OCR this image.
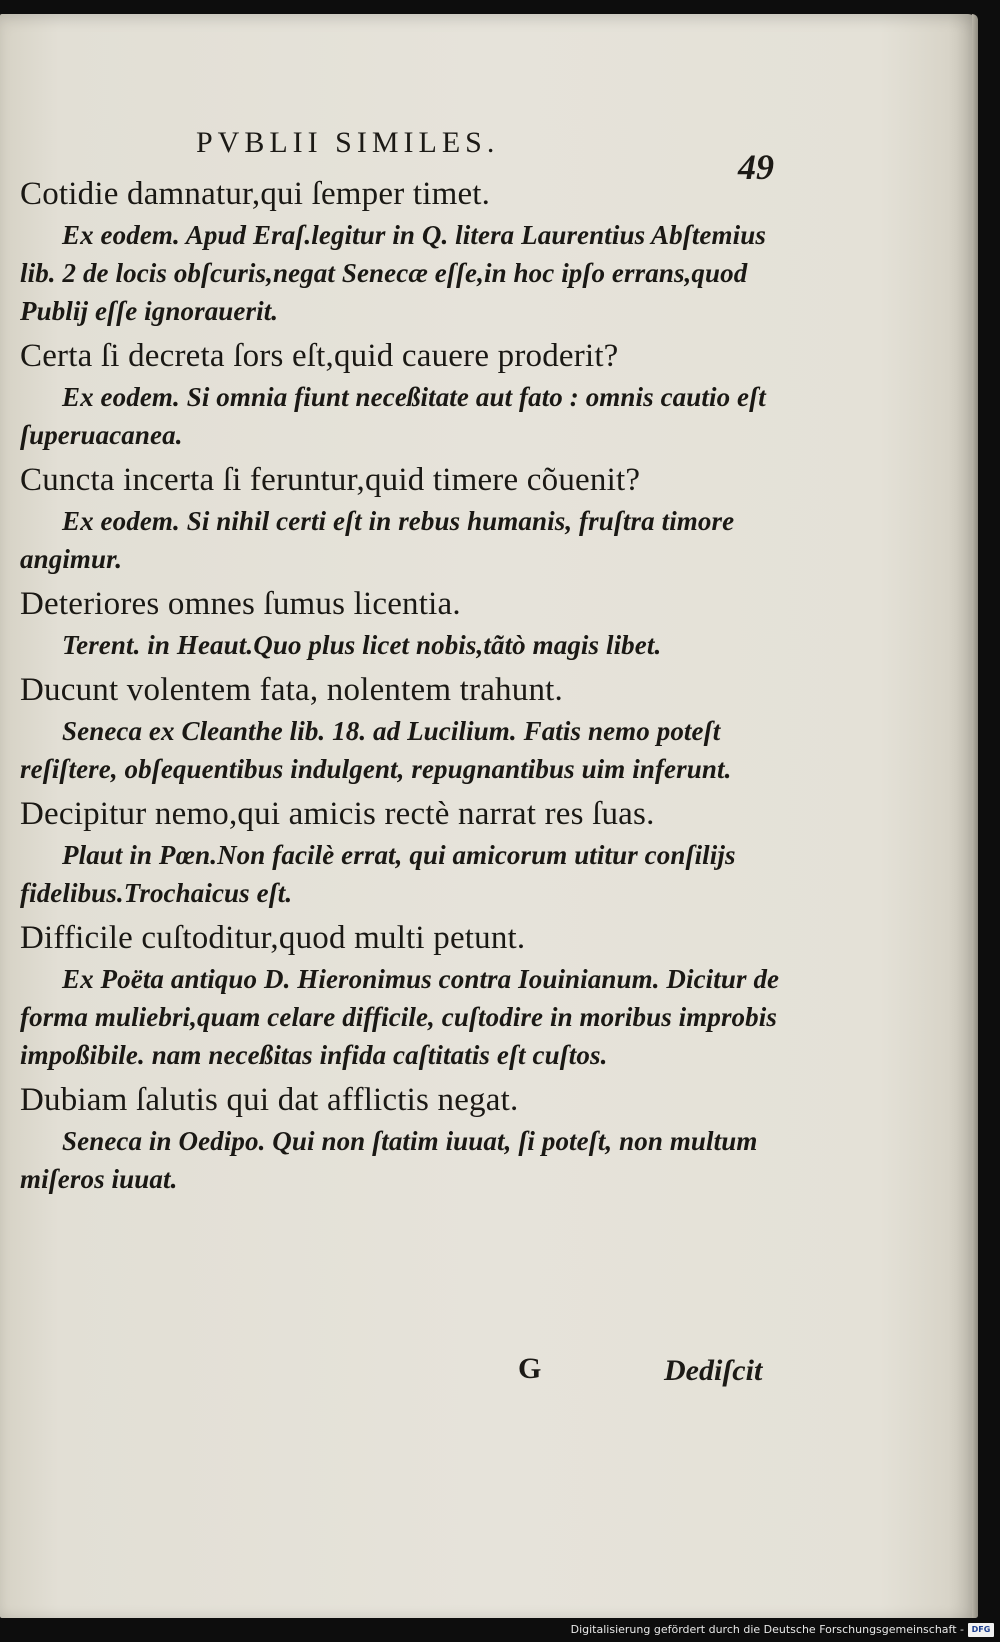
PVBLII SIMILES.
49

Cotidie damnatur,qui ſemper timet.

Ex eodem. Apud Eraſ.legitur in Q. litera Laurentius Abſtemius lib. 2 de locis obſcuris,negat Senecæ eſſe,in hoc ipſo errans,quod Publij eſſe ignorauerit.

Certa ſi decreta ſors eſt,quid cauere proderit?

Ex eodem. Si omnia fiunt neceßitate aut fato : omnis cautio eſt ſuperuacanea.

Cuncta incerta ſi feruntur,quid timere cõuenit?

Ex eodem. Si nihil certi eſt in rebus humanis, fruſtra timore angimur.

Deteriores omnes ſumus licentia.

Terent. in Heaut.Quo plus licet nobis,tãtò magis libet.

Ducunt volentem fata, nolentem trahunt.

Seneca ex Cleanthe lib. 18. ad Lucilium. Fatis nemo poteſt reſiſtere, obſequentibus indulgent, repugnantibus uim inferunt.

Decipitur nemo,qui amicis rectè narrat res ſuas.

Plaut in Pœn.Non facilè errat, qui amicorum utitur conſilijs fidelibus.Trochaicus eſt.

Difficile cuſtoditur,quod multi petunt.

Ex Poëta antiquo D. Hieronimus contra Iouinianum. Dicitur de forma muliebri,quam celare difficile, cuſtodire in moribus improbis impoßibile. nam neceßitas infida caſtitatis eſt cuſtos.

Dubiam ſalutis qui dat afflictis negat.

Seneca in Oedipo. Qui non ſtatim iuuat, ſi poteſt, non multum miſeros iuuat.

G	Dediſcit
Digitalisierung gefördert durch die Deutsche Forschungsgemeinschaft - DFG
